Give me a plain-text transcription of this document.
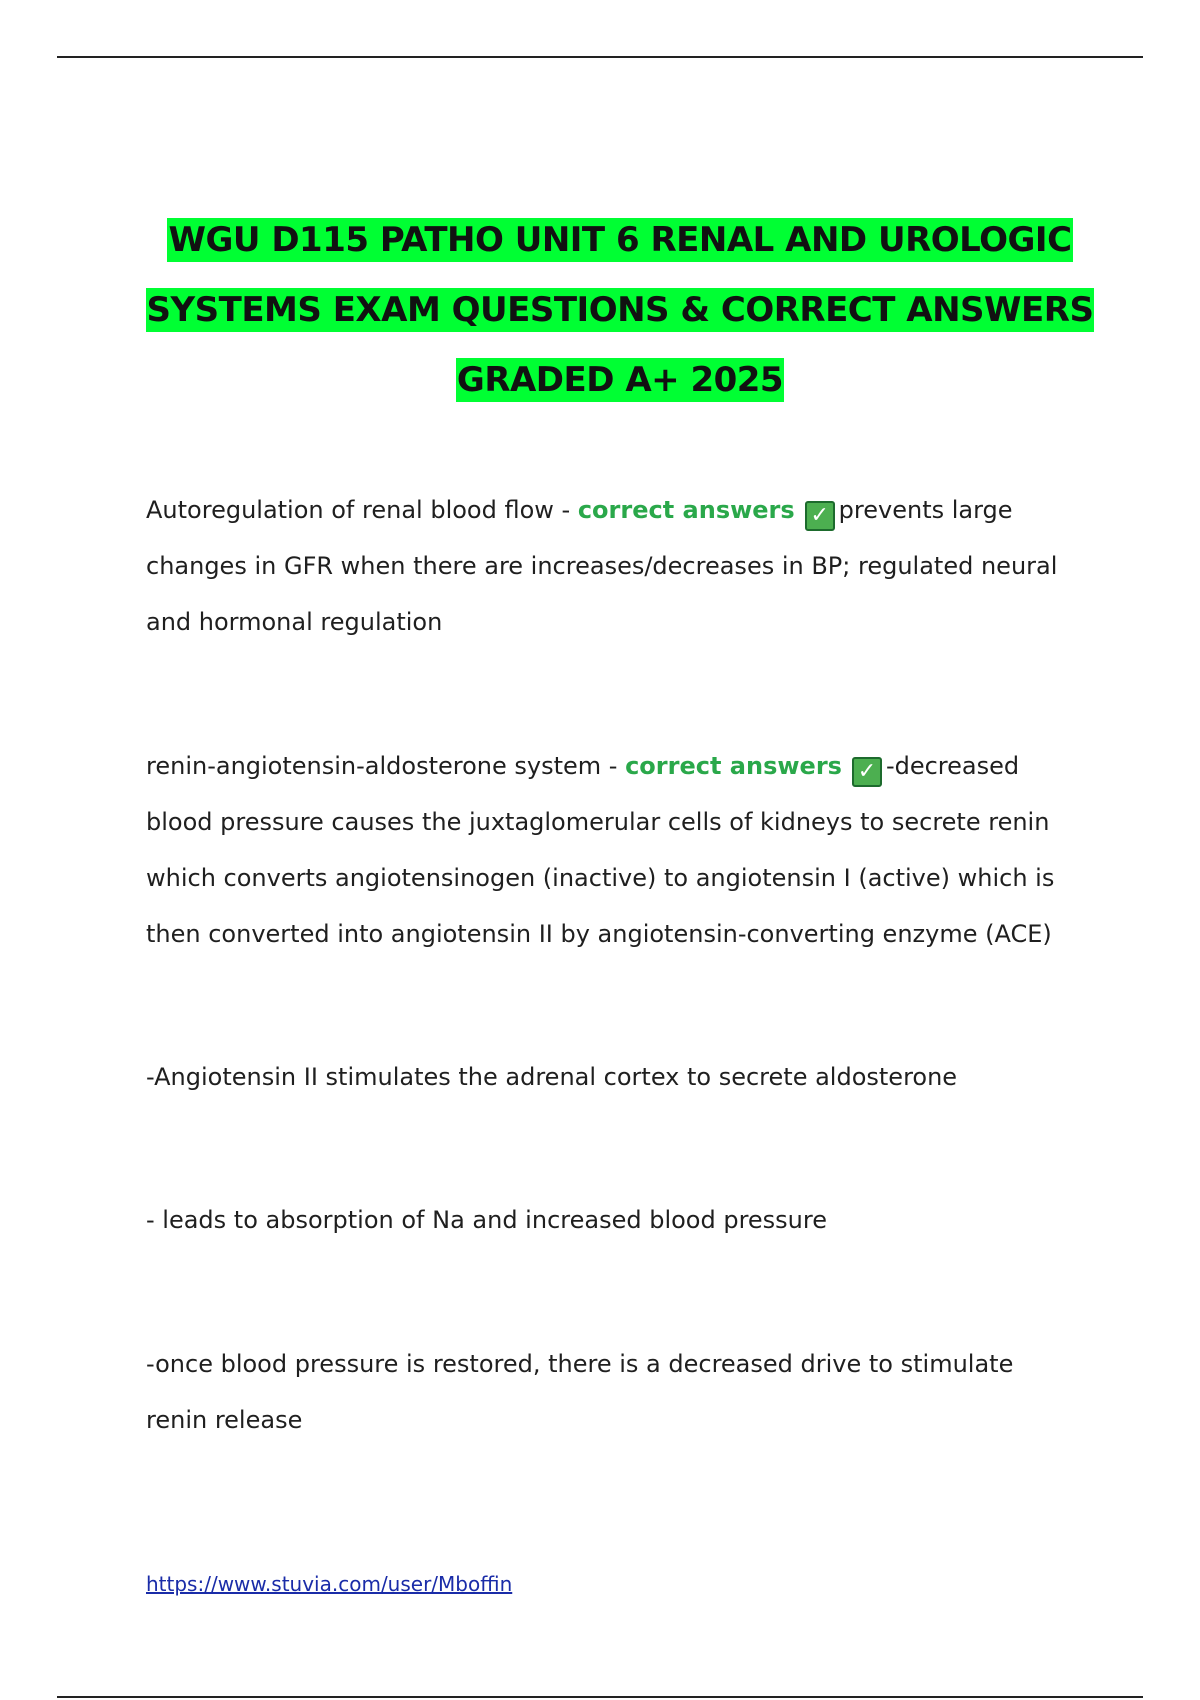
WGU D115 PATHO UNIT 6 RENAL AND UROLOGIC
SYSTEMS EXAM QUESTIONS & CORRECT ANSWERS
GRADED A+ 2025
Autoregulation of renal blood flow - correct answers ✓ prevents large
changes in GFR when there are increases/decreases in BP; regulated neural
and hormonal regulation
renin-angiotensin-aldosterone system - correct answers ✓ -decreased
blood pressure causes the juxtaglomerular cells of kidneys to secrete renin
which converts angiotensinogen (inactive) to angiotensin I (active) which is
then converted into angiotensin II by angiotensin-converting enzyme (ACE)

-Angiotensin II stimulates the adrenal cortex to secrete aldosterone

- leads to absorption of Na and increased blood pressure

-once blood pressure is restored, there is a decreased drive to stimulate
renin release
https://www.stuvia.com/user/Mboffin
